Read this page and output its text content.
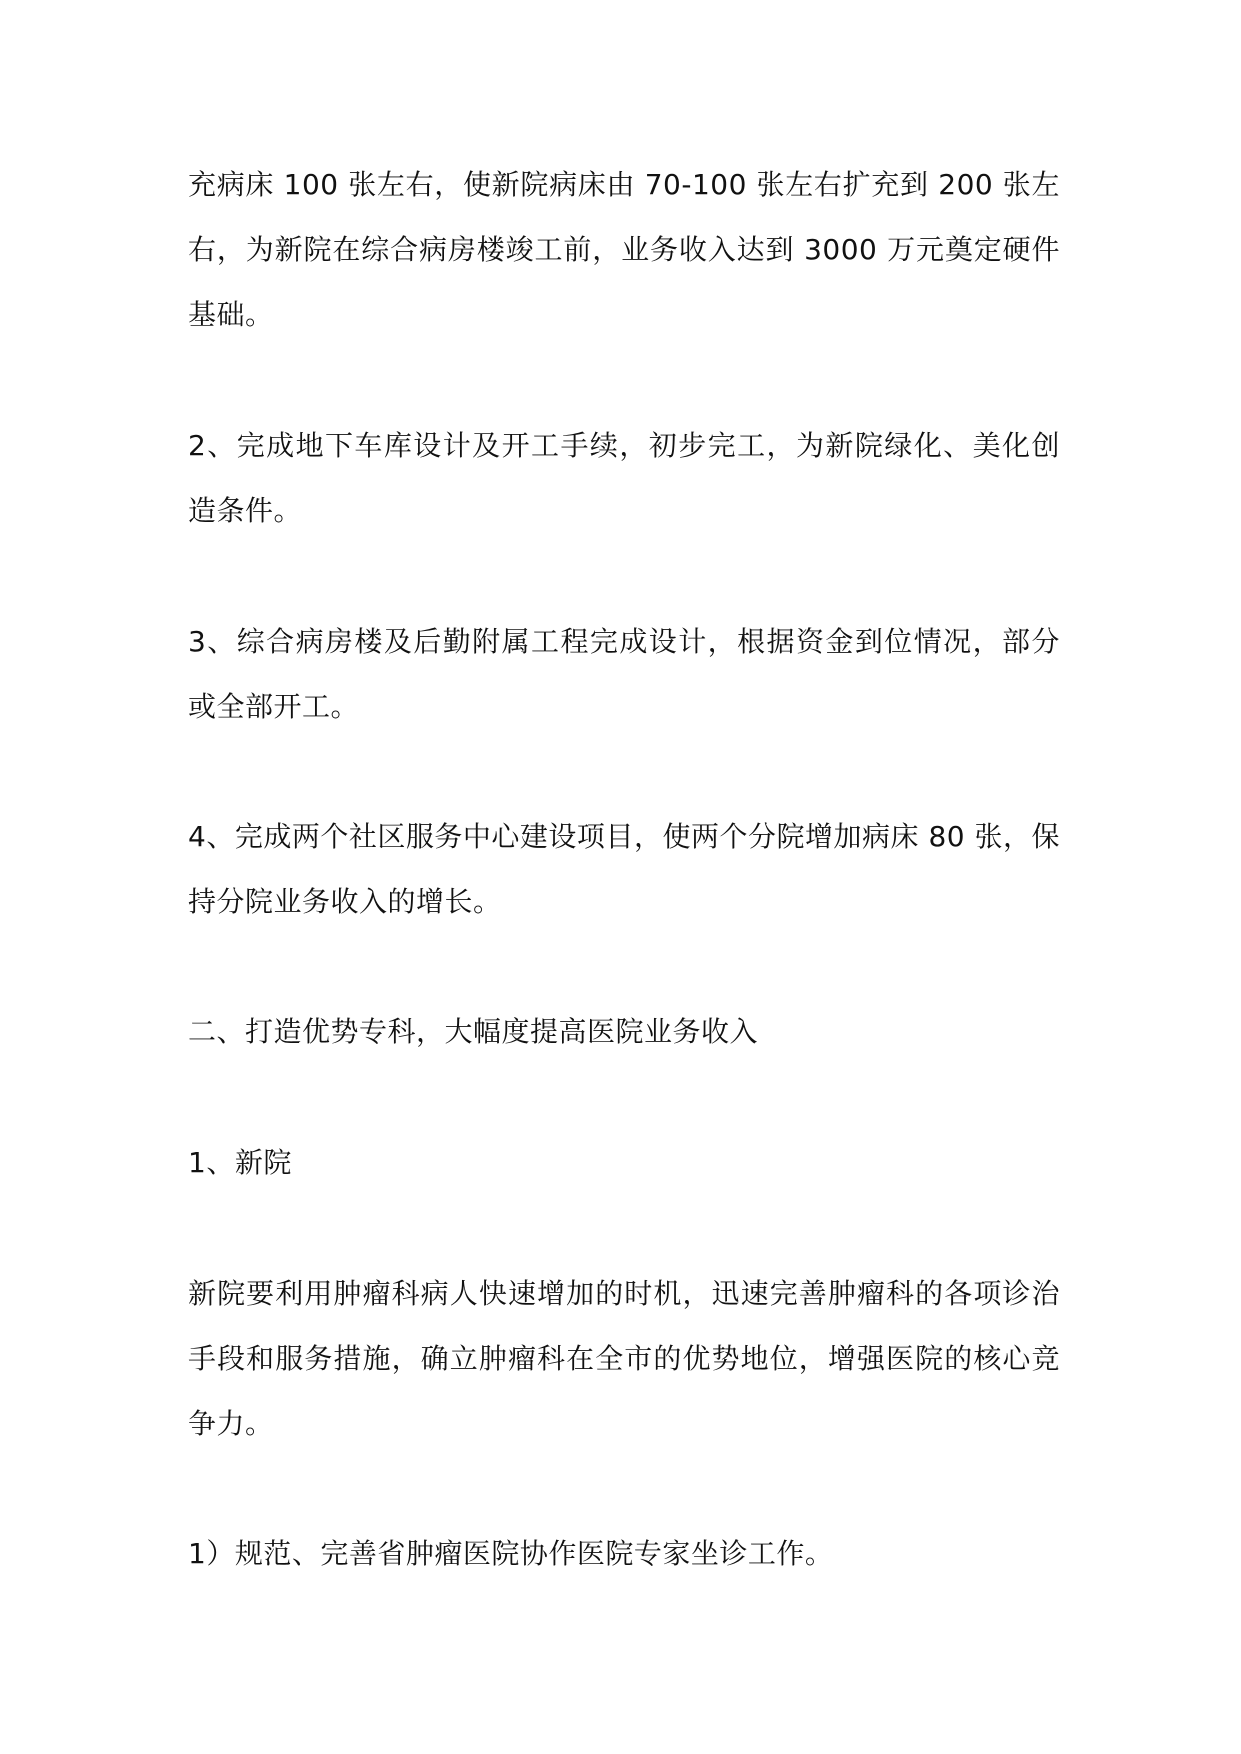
充病床 100 张左右，使新院病床由 70-100 张左右扩充到 200 张左右，为新院在综合病房楼竣工前，业务收入达到 3000 万元奠定硬件基础。

2、完成地下车库设计及开工手续，初步完工，为新院绿化、美化创造条件。

3、综合病房楼及后勤附属工程完成设计，根据资金到位情况，部分或全部开工。

4、完成两个社区服务中心建设项目，使两个分院增加病床 80 张，保持分院业务收入的增长。

二、打造优势专科，大幅度提高医院业务收入

1、新院

新院要利用肿瘤科病人快速增加的时机，迅速完善肿瘤科的各项诊治手段和服务措施，确立肿瘤科在全市的优势地位，增强医院的核心竞争力。

1）规范、完善省肿瘤医院协作医院专家坐诊工作。
